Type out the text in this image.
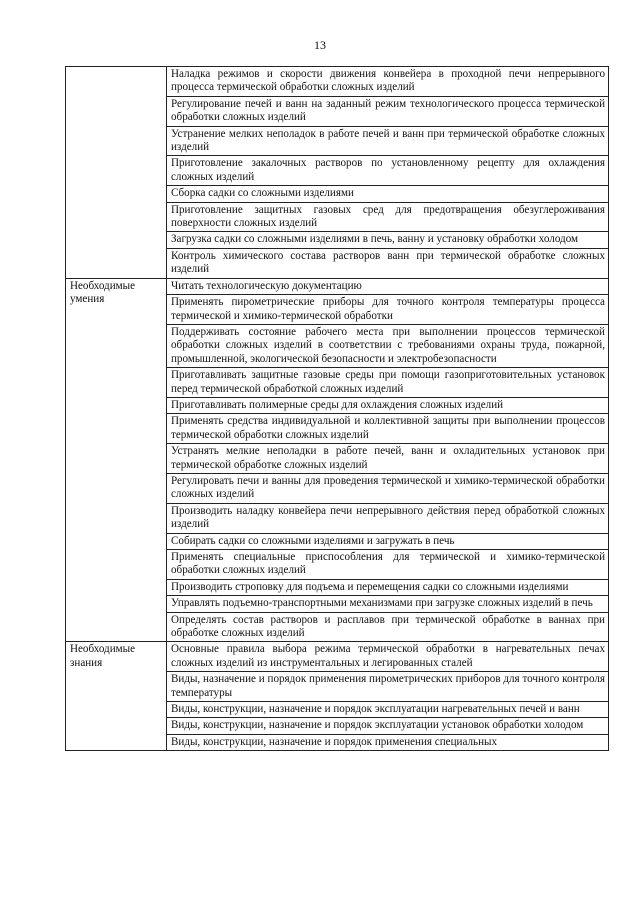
13
	Наладка режимов и скорости движения конвейера в проходной печи непрерывного процесса термической обработки сложных изделий
	Регулирование печей и ванн на заданный режим технологического процесса термической обработки сложных изделий
	Устранение мелких неполадок в работе печей и ванн при термической обработке сложных изделий
	Приготовление закалочных растворов по установленному рецепту для охлаждения сложных изделий
	Сборка садки со сложными изделиями
	Приготовление защитных газовых сред для предотвращения обезуглероживания поверхности сложных изделий
	Загрузка садки со сложными изделиями в печь, ванну и установку обработки холодом
	Контроль химического состава растворов ванн при термической обработке сложных изделий

Необходимые умения	Читать технологическую документацию
	Применять пирометрические приборы для точного контроля температуры процесса термической и химико-термической обработки
	Поддерживать состояние рабочего места при выполнении процессов термической обработки сложных изделий в соответствии с требованиями охраны труда, пожарной, промышленной, экологической безопасности и электробезопасности
	Приготавливать защитные газовые среды при помощи газоприготовительных установок перед термической обработкой сложных изделий
	Приготавливать полимерные среды для охлаждения сложных изделий
	Применять средства индивидуальной и коллективной защиты при выполнении процессов термической обработки сложных изделий
	Устранять мелкие неполадки в работе печей, ванн и охладительных установок при термической обработке сложных изделий
	Регулировать печи и ванны для проведения термической и химико-термической обработки сложных изделий
	Производить наладку конвейера печи непрерывного действия перед обработкой сложных изделий
	Собирать садки со сложными изделиями и загружать в печь
	Применять специальные приспособления для термической и химико-термической обработки сложных изделий
	Производить строповку для подъема и перемещения садки со сложными изделиями
	Управлять подъемно-транспортными механизмами при загрузке сложных изделий в печь
	Определять состав растворов и расплавов при термической обработке в ваннах при обработке сложных изделий

Необходимые знания	Основные правила выбора режима термической обработки в нагревательных печах сложных изделий из инструментальных и легированных сталей
	Виды, назначение и порядок применения пирометрических приборов для точного контроля температуры
	Виды, конструкции, назначение и порядок эксплуатации нагревательных печей и ванн
	Виды, конструкции, назначение и порядок эксплуатации установок обработки холодом
	Виды, конструкции, назначение и порядок применения специальных
